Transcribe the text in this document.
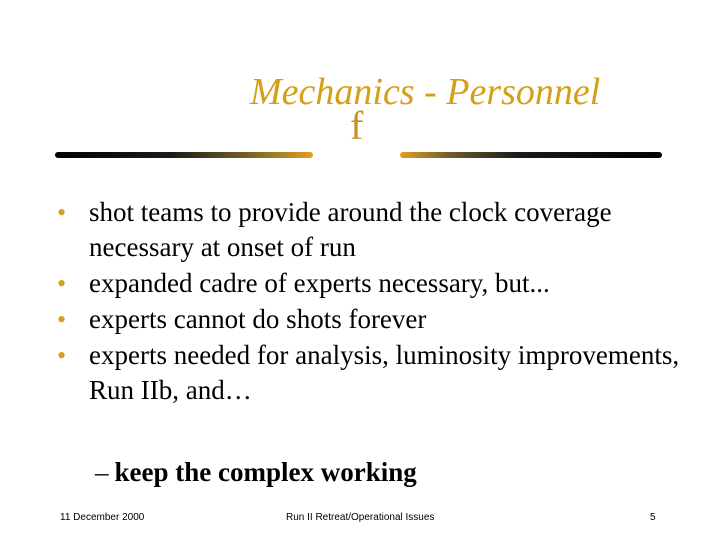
Mechanics - Personnel
f
• shot teams to provide around the clock coverage necessary at onset of run
• expanded cadre of experts necessary, but...
• experts cannot do shots forever
• experts needed for analysis, luminosity improvements, Run IIb, and…
– keep the complex working
11 December 2000	Run II Retreat/Operational Issues	5
